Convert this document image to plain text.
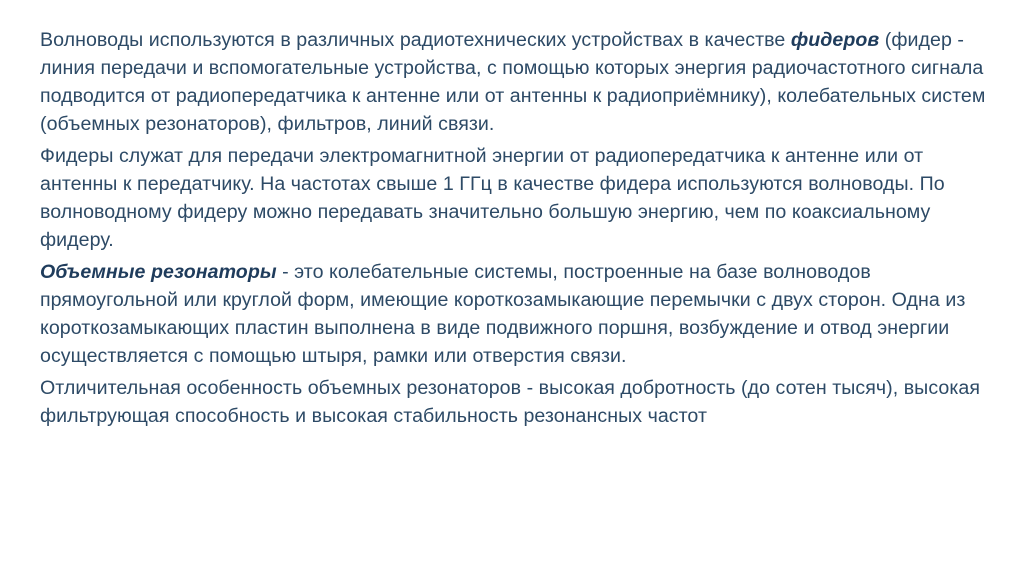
Волноводы используются в различных радиотехнических устройствах в качестве фидеров (фидер - линия передачи и вспомогательные устройства, с помощью которых энергия радиочастотного сигнала подводится от радиопередатчика к антенне или от антенны к радиоприёмнику), колебательных систем (объемных резонаторов), фильтров, линий связи.

Фидеры служат для передачи электромагнитной энергии от радиопередатчика к антенне или от антенны к передатчику. На частотах свыше 1 ГГц в качестве фидера используются волноводы. По волноводному фидеру можно передавать значительно большую энергию, чем по коаксиальному фидеру.

Объемные резонаторы - это колебательные системы, построенные на базе волноводов прямоугольной или круглой форм, имеющие короткозамыкающие перемычки с двух сторон. Одна из короткозамыкающих пластин выполнена в виде подвижного поршня, возбуждение и отвод энергии осуществляется с помощью штыря, рамки или отверстия связи.

Отличительная особенность объемных резонаторов - высокая добротность (до сотен тысяч), высокая фильтрующая способность и высокая стабильность резонансных частот
